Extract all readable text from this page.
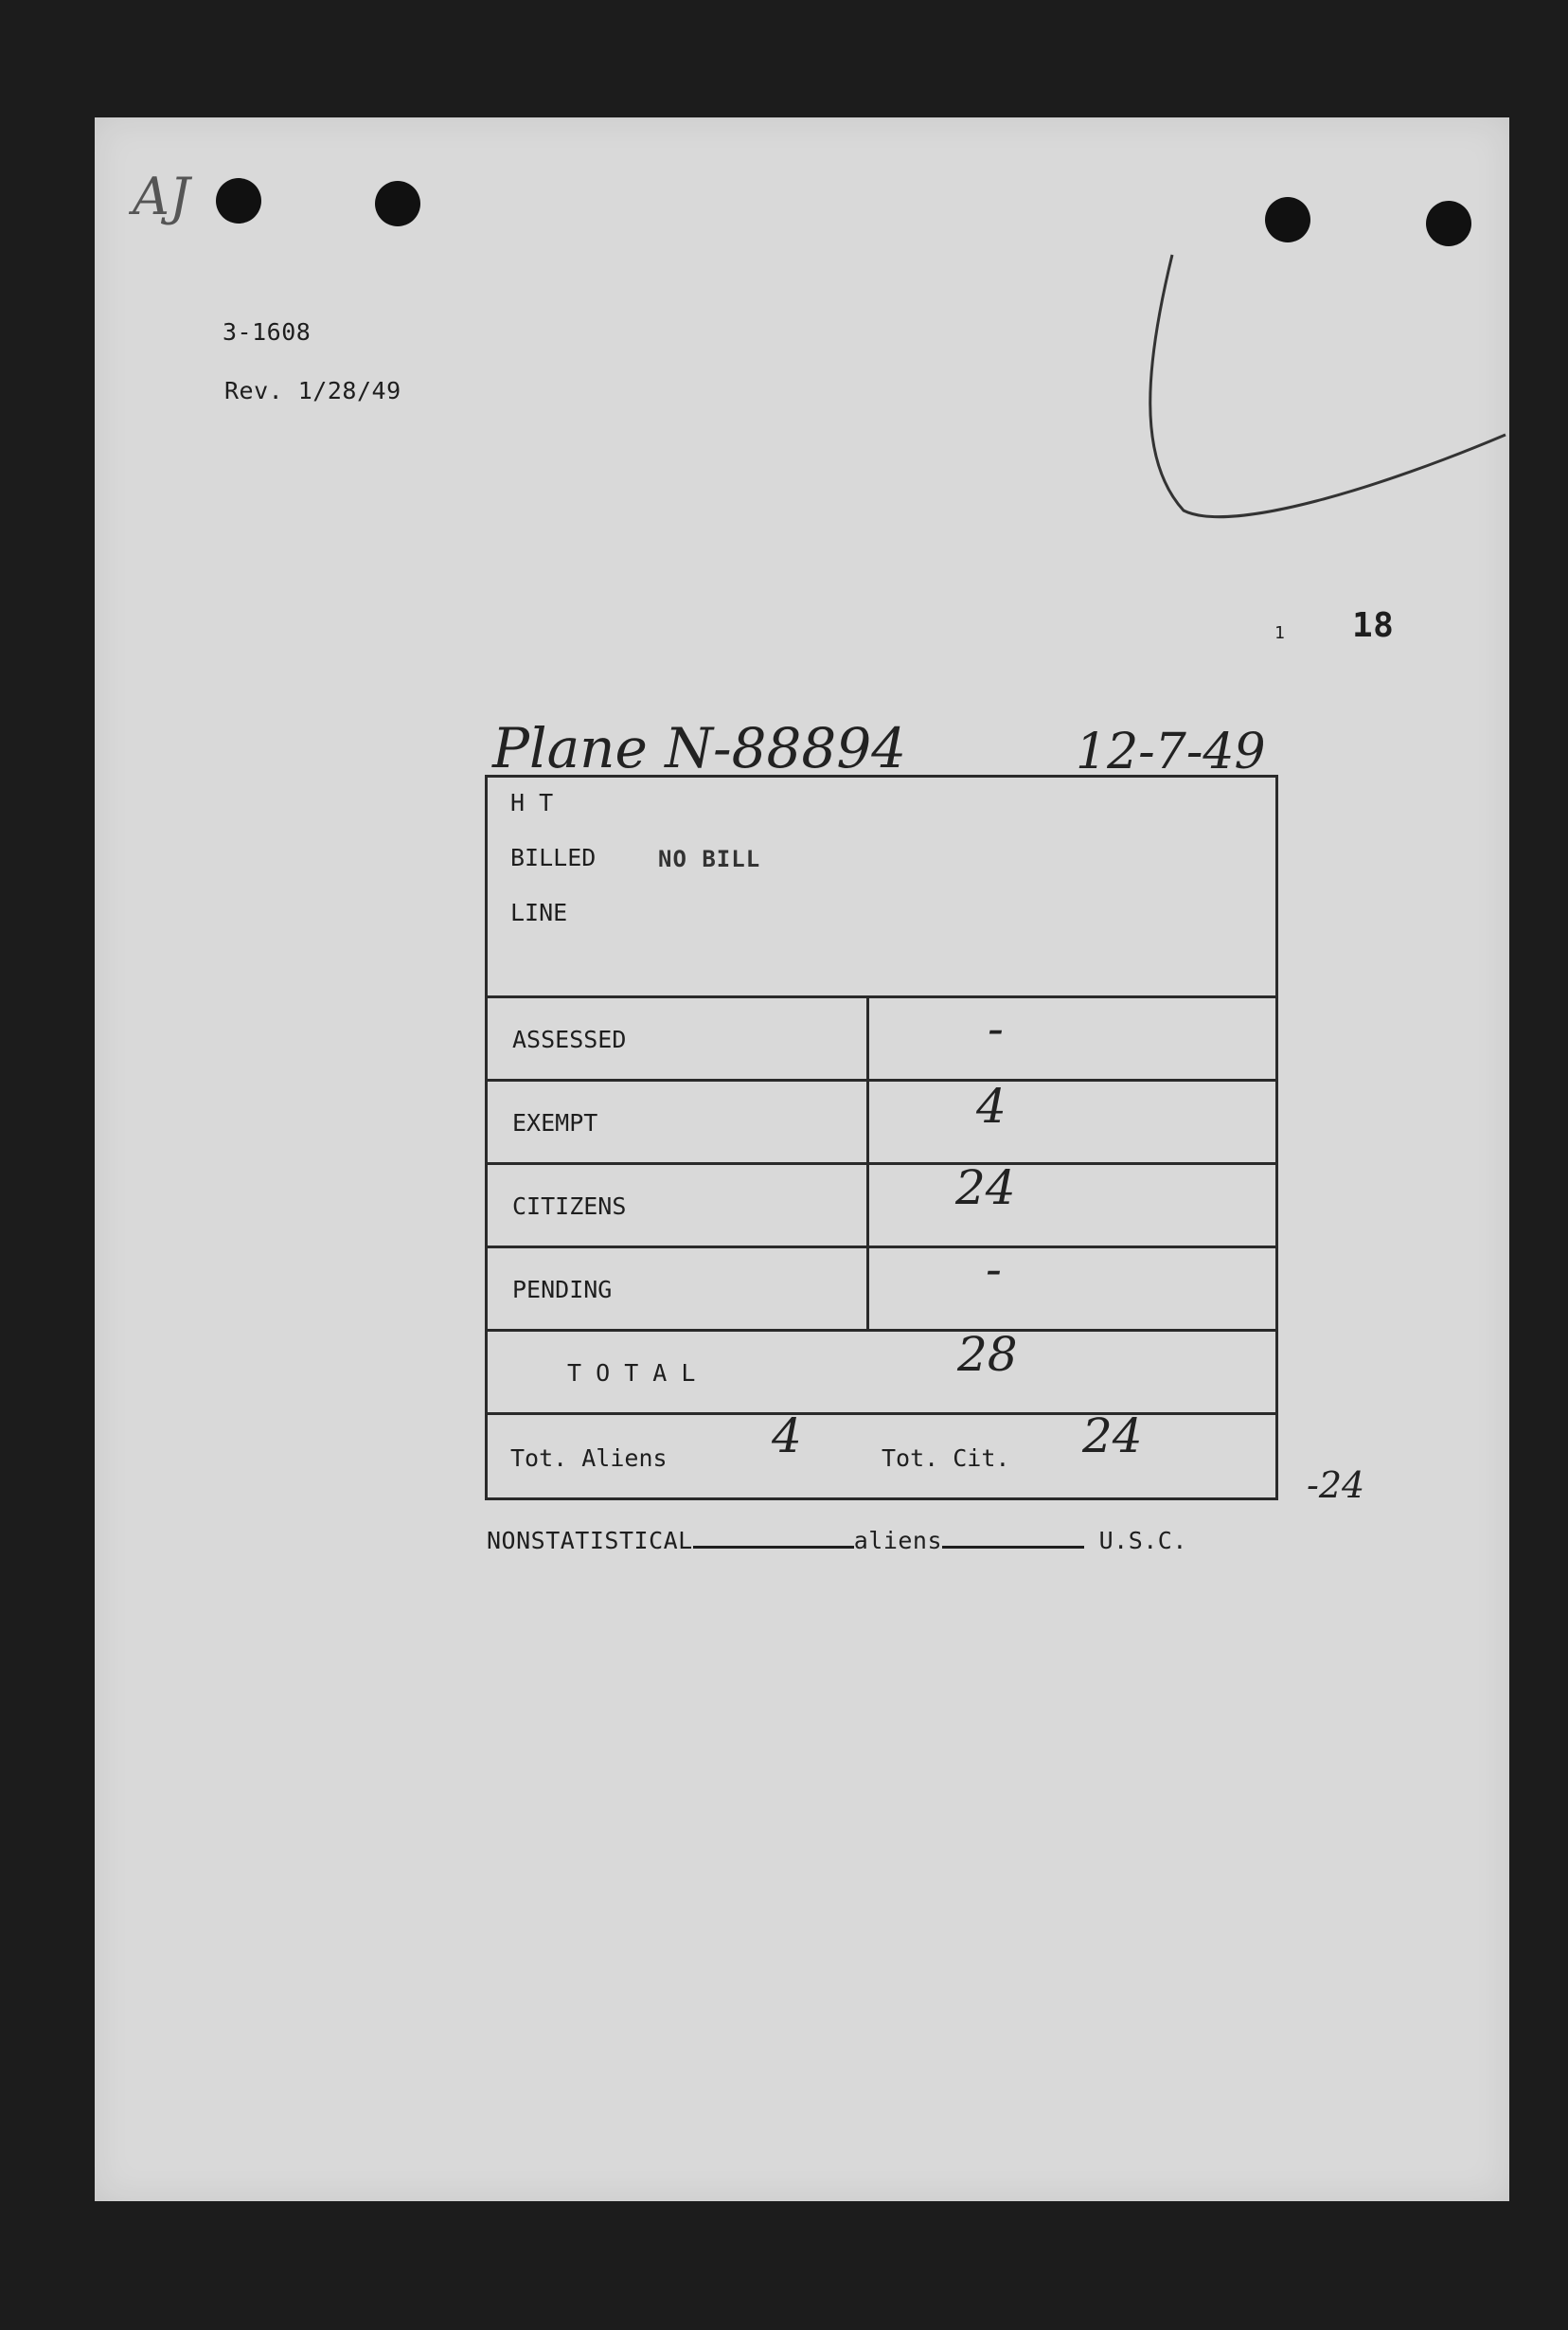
AJ
3-1608
Rev. 1/28/49
1 18
Plane N-88894	12-7-49
H T
BILLED	NO BILL
LINE
ASSESSED	-
EXEMPT	4
CITIZENS	24
PENDING	-
T O T A L	28
Tot. Aliens 4	Tot. Cit. 24
-24
NONSTATISTICAL	aliens	U.S.C.
